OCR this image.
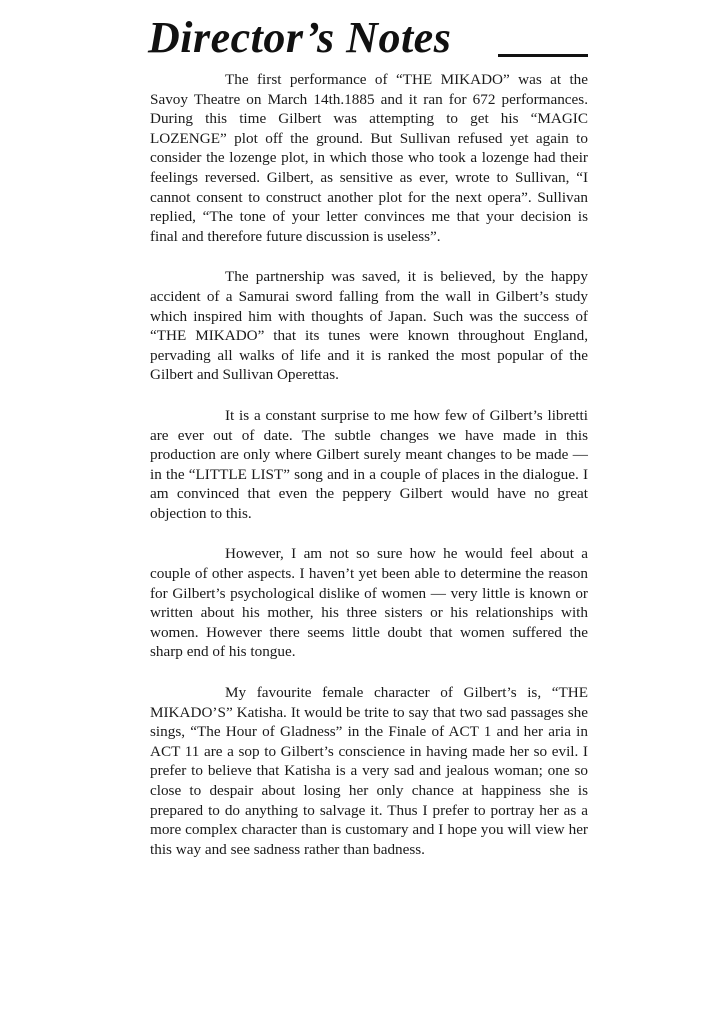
Director’s Notes

The first performance of “THE MIKADO” was at the Savoy Theatre on March 14th.1885 and it ran for 672 performances. During this time Gilbert was attempting to get his “MAGIC LOZENGE” plot off the ground. But Sullivan refused yet again to consider the lozenge plot, in which those who took a lozenge had their feelings reversed. Gilbert, as sensitive as ever, wrote to Sullivan, “I cannot consent to construct another plot for the next opera”. Sullivan replied, “The tone of your letter convinces me that your decision is final and therefore future discussion is useless”.

The partnership was saved, it is believed, by the happy accident of a Samurai sword falling from the wall in Gilbert’s study which inspired him with thoughts of Japan. Such was the success of “THE MIKADO” that its tunes were known throughout England, pervading all walks of life and it is ranked the most popular of the Gilbert and Sullivan Operettas.

It is a constant surprise to me how few of Gilbert’s libretti are ever out of date. The subtle changes we have made in this production are only where Gilbert surely meant changes to be made — in the “LITTLE LIST” song and in a couple of places in the dialogue. I am convinced that even the peppery Gilbert would have no great objection to this.

However, I am not so sure how he would feel about a couple of other aspects. I haven’t yet been able to determine the reason for Gilbert’s psychological dislike of women — very little is known or written about his mother, his three sisters or his relationships with women. However there seems little doubt that women suffered the sharp end of his tongue.

My favourite female character of Gilbert’s is, “THE MIKADO’S” Katisha. It would be trite to say that two sad passages she sings, “The Hour of Gladness” in the Finale of ACT 1 and her aria in ACT 11 are a sop to Gilbert’s conscience in having made her so evil. I prefer to believe that Katisha is a very sad and jealous woman; one so close to despair about losing her only chance at happiness she is prepared to do anything to salvage it. Thus I prefer to portray her as a more complex character than is customary and I hope you will view her this way and see sadness rather than badness.
